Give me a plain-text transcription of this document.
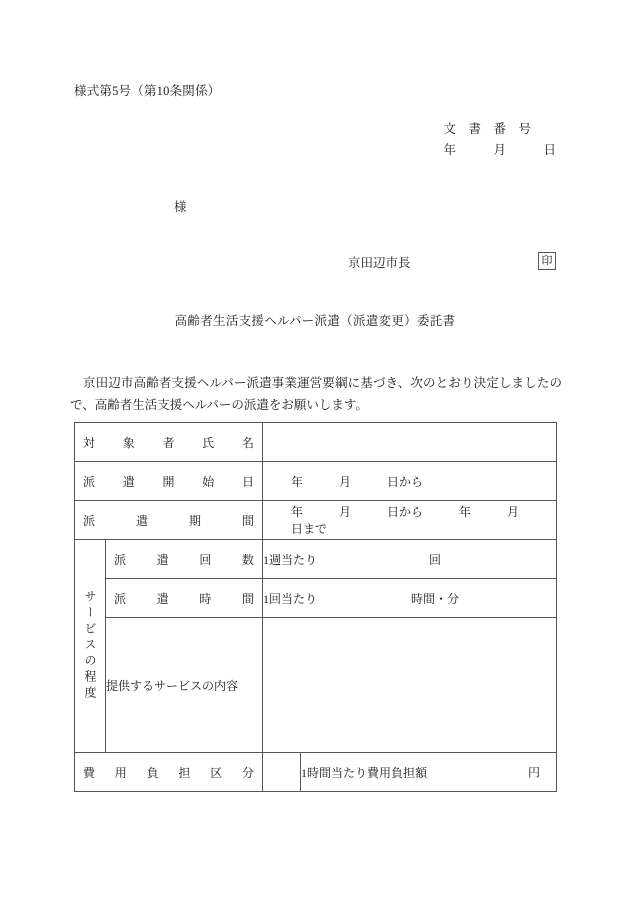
様式第5号（第10条関係）
文　書　番　号
年　　　月　　　日
様
京田辺市長	印
高齢者生活支援ヘルパー派遣（派遣変更）委託書
京田辺市高齢者支援ヘルパー派遣事業運営要綱に基づき、次のとおり決定しましたので、高齢者生活支援ヘルパーの派遣をお願いします。
対 象 者 氏 名			

派 遣 開 始 日		年　　　月　　　日から	

派 遣 期 間		年　　　月　　　日から　　　年　　　月　　　日まで	

サービスの程度	派 遣 回 数	1週当たり 回	

	派 遣 時 間	1回当たり 時間・分	
	提供するサービスの内容		

費 用 負 担 区 分		1時間当たり費用負担額	円
